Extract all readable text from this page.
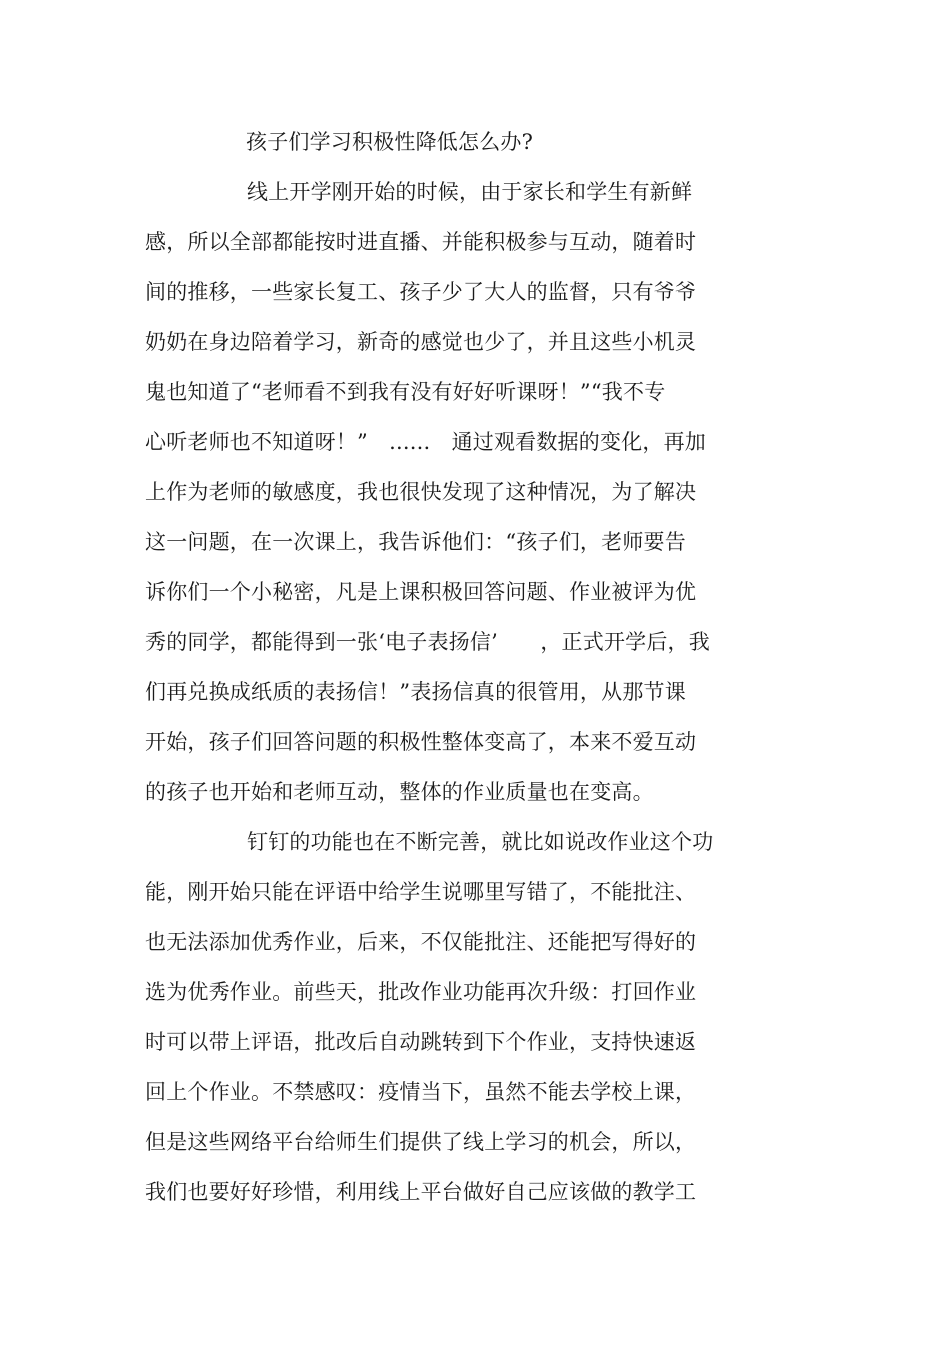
孩子们学习积极性降低怎么办?
线上开学刚开始的时候，由于家长和学生有新鲜
感，所以全部都能按时进直播、并能积极参与互动，随着时
间的推移，一些家长复工、孩子少了大人的监督，只有爷爷
奶奶在身边陪着学习，新奇的感觉也少了，并且这些小机灵
鬼也知道了“老师看不到我有没有好好听课呀！”“我不专
心听老师也不知道呀！”　......　通过观看数据的变化，再加
上作为老师的敏感度，我也很快发现了这种情况，为了解决
这一问题，在一次课上，我告诉他们：“孩子们，老师要告
诉你们一个小秘密，凡是上课积极回答问题、作业被评为优
秀的同学，都能得到一张‘电子表扬信’　　，正式开学后，我
们再兑换成纸质的表扬信！”表扬信真的很管用，从那节课
开始，孩子们回答问题的积极性整体变高了，本来不爱互动
的孩子也开始和老师互动，整体的作业质量也在变高。
钉钉的功能也在不断完善，就比如说改作业这个功
能，刚开始只能在评语中给学生说哪里写错了，不能批注、
也无法添加优秀作业，后来，不仅能批注、还能把写得好的
选为优秀作业。前些天，批改作业功能再次升级：打回作业
时可以带上评语，批改后自动跳转到下个作业，支持快速返
回上个作业。不禁感叹：疫情当下，虽然不能去学校上课，
但是这些网络平台给师生们提供了线上学习的机会，所以，
我们也要好好珍惜，利用线上平台做好自己应该做的教学工
